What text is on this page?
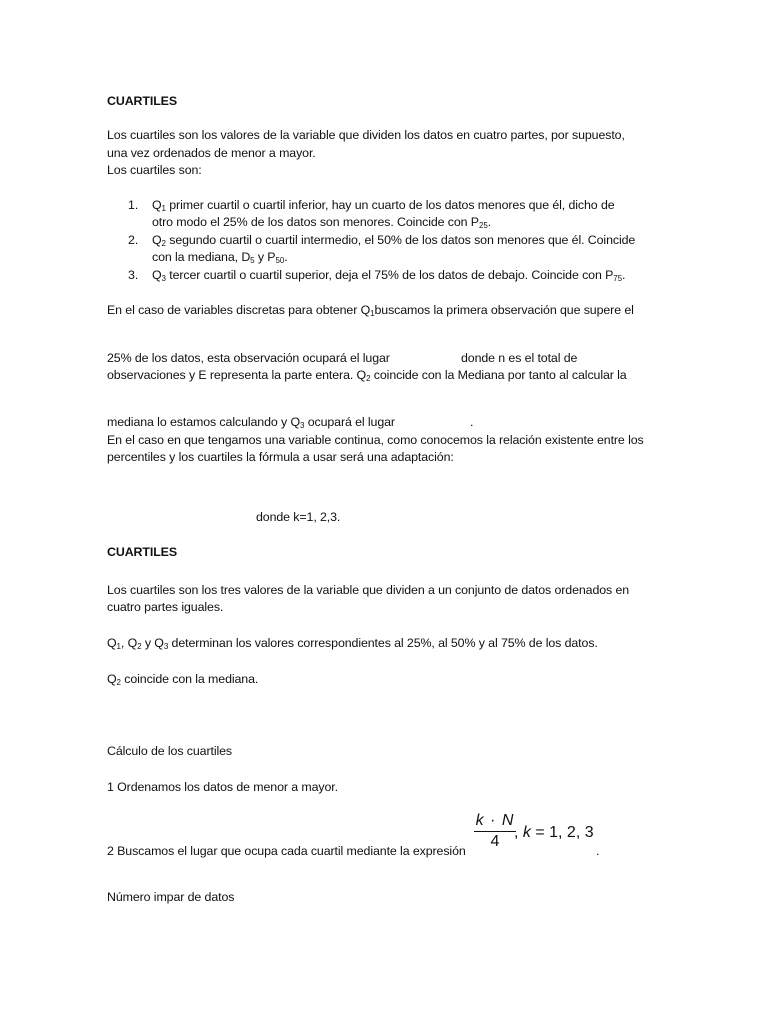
CUARTILES
Los cuartiles son los valores de la variable que dividen los datos en cuatro partes, por supuesto,
una vez ordenados de menor a mayor.
Los cuartiles son:
1. $Q_1$ primer cuartil o cuartil inferior, hay un cuarto de los datos menores que él, dicho de
otro modo el 25% de los datos son menores. Coincide con $P_{25}$.
2. $Q_2$ segundo cuartil o cuartil intermedio, el 50% de los datos son menores que él. Coincide
con la mediana, $D_5$ y $P_{50}$.
3. $Q_3$ tercer cuartil o cuartil superior, deja el 75% de los datos de debajo. Coincide con $P_{75}$.
En el caso de variables discretas para obtener $Q_1buscamos$ la primera observación que supere el
25% de los datos, esta observación ocupará el lugar	donde n es el total de
observaciones y E representa la parte entera. $Q_2$ coincide con la Mediana por tanto al calcular la
mediana lo estamos calculando y $Q_3$ ocupará el lugar	.
En el caso en que tengamos una variable continua, como conocemos la relación existente entre los
percentiles y los cuartiles la fórmula a usar será una adaptación:
donde k=1, 2,3.
CUARTILES
Los cuartiles son los tres valores de la variable que dividen a un conjunto de datos ordenados en
cuatro partes iguales.
$Q_1$, $Q_2$ y $Q_3$ determinan los valores correspondientes al 25%, al 50% y al 75% de los datos.
$Q_2$ coincide con la mediana.
Cálculo de los cuartiles
1 Ordenamos los datos de menor a mayor.
2 Buscamos el lugar que ocupa cada cuartil mediante la expresión
k · N
4
, k = 1, 2, 3
.
Número impar de datos
